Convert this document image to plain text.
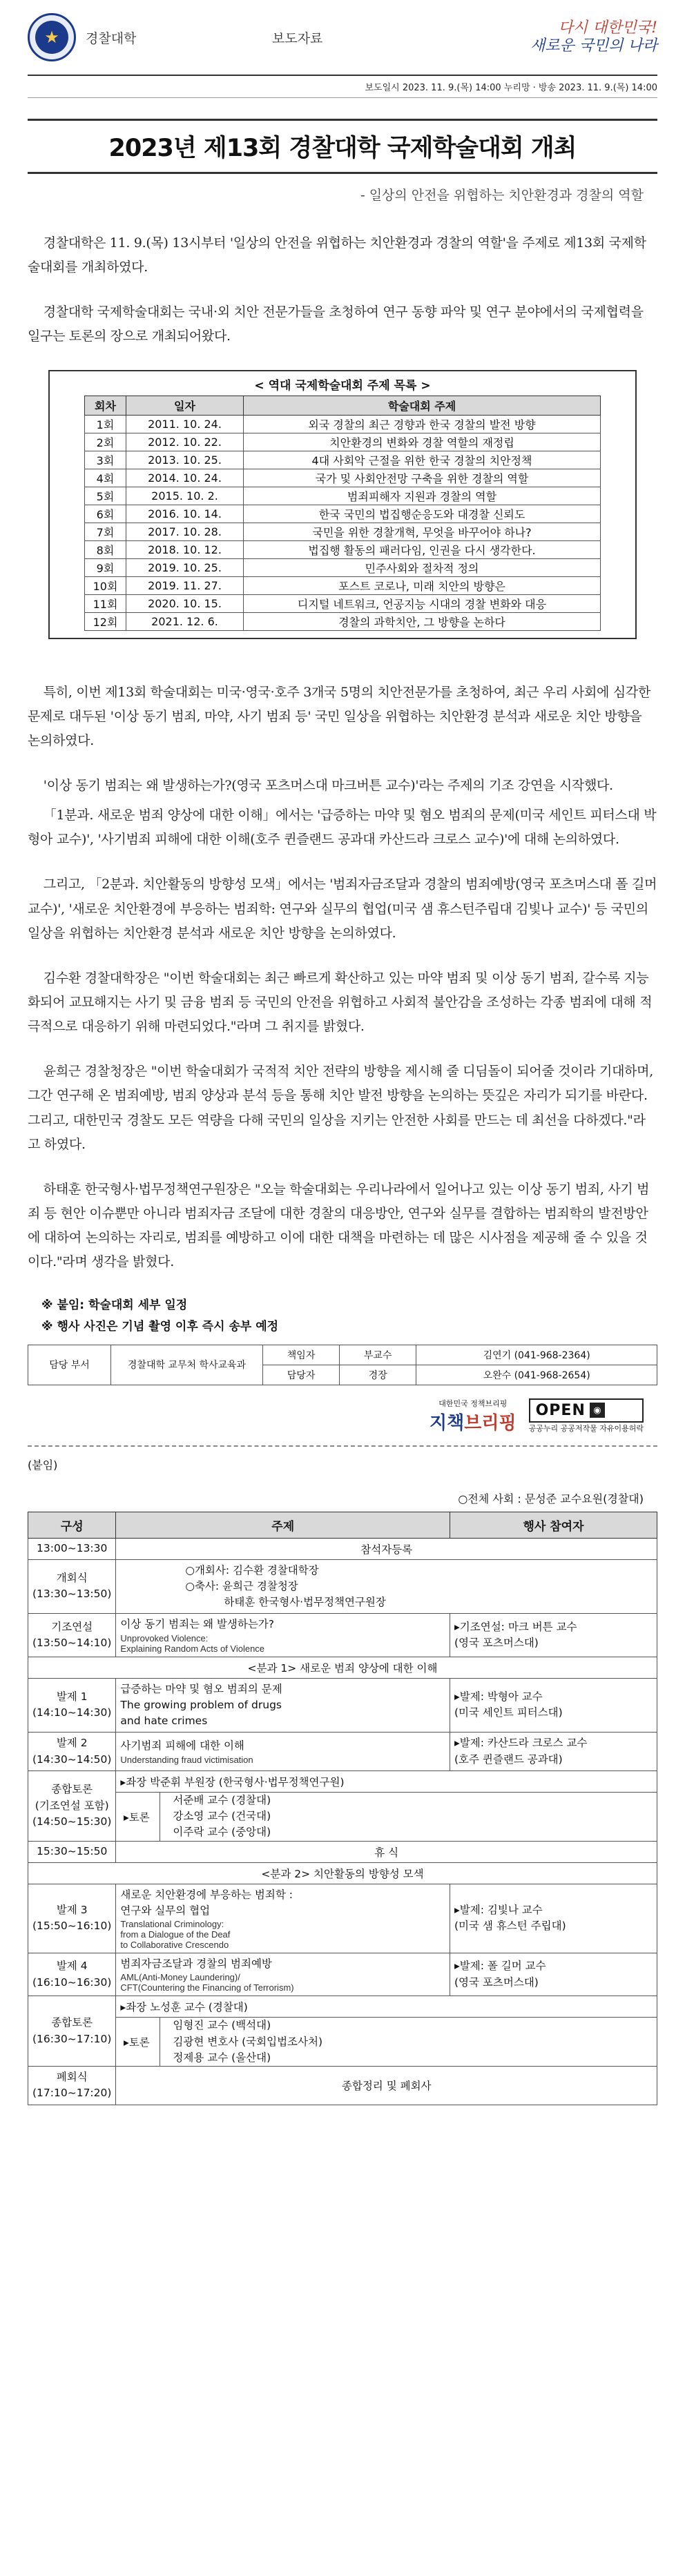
★	경찰대학	보도자료
다시 대한민국!
새로운 국민의 나라
보도일시 2023. 11. 9.(목) 14:00 누리망 · 방송 2023. 11. 9.(목) 14:00
2023년 제13회 경찰대학 국제학술대회 개최
- 일상의 안전을 위협하는 치안환경과 경찰의 역할

경찰대학은 11. 9.(목) 13시부터 '일상의 안전을 위협하는 치안환경과 경찰의 역할'을 주제로 제13회 국제학술대회를 개최하였다.

경찰대학 국제학술대회는 국내·외 치안 전문가들을 초청하여 연구 동향 파악 및 연구 분야에서의 국제협력을 일구는 토론의 장으로 개최되어왔다.

< 역대 국제학술대회 주제 목록 >
회차	일자	학술대회 주제
1회	2011. 10. 24.	외국 경찰의 최근 경향과 한국 경찰의 발전 방향
2회	2012. 10. 22.	치안환경의 변화와 경찰 역할의 재정립
3회	2013. 10. 25.	4대 사회악 근절을 위한 한국 경찰의 치안정책
4회	2014. 10. 24.	국가 및 사회안전망 구축을 위한 경찰의 역할
5회	2015. 10. 2.	범죄피해자 지원과 경찰의 역할
6회	2016. 10. 14.	한국 국민의 법집행순응도와 대경찰 신뢰도
7회	2017. 10. 28.	국민을 위한 경찰개혁, 무엇을 바꾸어야 하나?
8회	2018. 10. 12.	법집행 활동의 패러다임, 인권을 다시 생각한다.
9회	2019. 10. 25.	민주사회와 절차적 정의
10회	2019. 11. 27.	포스트 코로나, 미래 치안의 방향은
11회	2020. 10. 15.	디지털 네트워크, 언공지능 시대의 경찰 변화와 대응
12회	2021. 12. 6.	경찰의 과학치안, 그 방향을 논하다

특히, 이번 제13회 학술대회는 미국·영국·호주 3개국 5명의 치안전문가를 초청하여, 최근 우리 사회에 심각한 문제로 대두된 '이상 동기 범죄, 마약, 사기 범죄 등' 국민 일상을 위협하는 치안환경 분석과 새로운 치안 방향을 논의하였다.

'이상 동기 범죄는 왜 발생하는가?(영국 포츠머스대 마크버튼 교수)'라는 주제의 기조 강연을 시작했다.

「1분과. 새로운 범죄 양상에 대한 이해」에서는 '급증하는 마약 및 혐오 범죄의 문제(미국 세인트 피터스대 박형아 교수)', '사기범죄 피해에 대한 이해(호주 퀸즐랜드 공과대 카산드라 크로스 교수)'에 대해 논의하였다.

그리고, 「2분과. 치안활동의 방향성 모색」에서는 '범죄자금조달과 경찰의 범죄예방(영국 포츠머스대 폴 길머 교수)', '새로운 치안환경에 부응하는 범죄학: 연구와 실무의 협업(미국 샘 휴스턴주립대 김빛나 교수)' 등 국민의 일상을 위협하는 치안환경 분석과 새로운 치안 방향을 논의하였다.

김수환 경찰대학장은 "이번 학술대회는 최근 빠르게 확산하고 있는 마약 범죄 및 이상 동기 범죄, 갈수록 지능화되어 교묘해지는 사기 및 금융 범죄 등 국민의 안전을 위협하고 사회적 불안감을 조성하는 각종 범죄에 대해 적극적으로 대응하기 위해 마련되었다."라며 그 취지를 밝혔다.

윤희근 경찰청장은 "이번 학술대회가 국적적 치안 전략의 방향을 제시해 줄 디딤돌이 되어줄 것이라 기대하며, 그간 연구해 온 범죄예방, 범죄 양상과 분석 등을 통해 치안 발전 방향을 논의하는 뜻깊은 자리가 되기를 바란다. 그리고, 대한민국 경찰도 모든 역량을 다해 국민의 일상을 지키는 안전한 사회를 만드는 데 최선을 다하겠다."라고 하였다.

하태훈 한국형사·법무정책연구원장은 "오늘 학술대회는 우리나라에서 일어나고 있는 이상 동기 범죄, 사기 범죄 등 현안 이슈뿐만 아니라 범죄자금 조달에 대한 경찰의 대응방안, 연구와 실무를 결합하는 범죄학의 발전방안에 대하여 논의하는 자리로, 범죄를 예방하고 이에 대한 대책을 마련하는 데 많은 시사점을 제공해 줄 수 있을 것이다."라며 생각을 밝혔다.

※ 붙임: 학술대회 세부 일정
※ 행사 사진은 기념 촬영 이후 즉시 송부 예정
담당 부서	경찰대학 교무처 학사교육과	책임자	부교수	김연기 (041-968-2364)
		담당자	경장	오완수 (041-968-2654)
대한민국 정책브리핑
지책브리핑
OPEN ◉
공공누리 공공저작물 자유이용허락
(붙임)
○전체 사회 : 문성준 교수요원(경찰대)
구성	주제	행사 참여자
13:00~13:30	참석자등록	

개회식
(13:30~13:50)	○개회사: 김수환 경찰대학장
○축사: 윤희근 경찰청장
하태훈 한국형사·법무정책연구원장	

기조연설
(13:50~14:10)	이상 동기 범죄는 왜 발생하는가?
Unprovoked Violence:
Explaining Random Acts of Violence	▸기조연설: 마크 버튼 교수
(영국 포츠머스대)

<분과 1> 새로운 범죄 양상에 대한 이해		

발제 1
(14:10~14:30)	급증하는 마약 및 혐오 범죄의 문제
The growing problem of drugs
and hate crimes	▸발제: 박형아 교수
(미국 세인트 피터스대)

발제 2
(14:30~14:50)	사기범죄 피해에 대한 이해
Understanding fraud victimisation	▸발제: 카산드라 크로스 교수
(호주 퀸즐랜드 공과대)

종합토론
(기조연설 포함)
(14:50~15:30)	▸좌장 박준휘 부원장 (한국형사·법무정책연구원)	

▸토론
서준배 교수 (경찰대)
강소영 교수 (건국대)
이주락 교수 (중앙대)	

15:30~15:50	휴 식	
<분과 2> 치안활동의 방향성 모색		

발제 3
(15:50~16:10)	새로운 치안환경에 부응하는 범죄학 :
연구와 실무의 협업
Translational Criminology:
from a Dialogue of the Deaf
to Collaborative Crescendo	▸발제: 김빛나 교수
(미국 샘 휴스턴 주립대)

발제 4
(16:10~16:30)	범죄자금조달과 경찰의 범죄예방
AML(Anti-Money Laundering)/
CFT(Countering the Financing of Terrorism)	▸발제: 폴 길머 교수
(영국 포츠머스대)

종합토론
(16:30~17:10)	▸좌장 노성훈 교수 (경찰대)	

▸토론
임형진 교수 (백석대)
김광현 변호사 (국회입법조사처)
정제용 교수 (울산대)	

폐회식
(17:10~17:20)	종합정리 및 폐회사	
